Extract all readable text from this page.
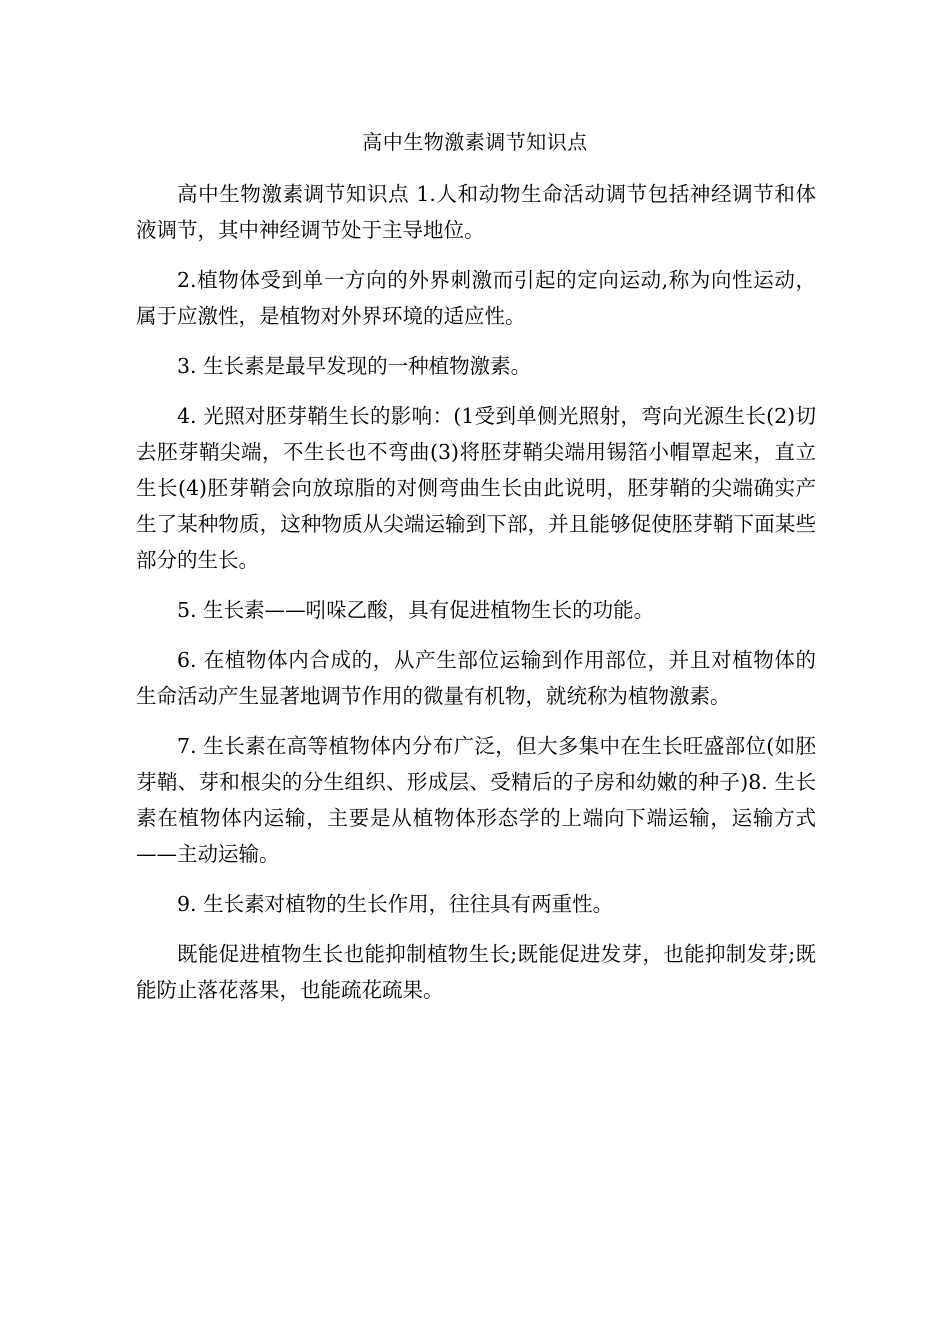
高中生物激素调节知识点

高中生物激素调节知识点 1.人和动物生命活动调节包括神经调节和体液调节，其中神经调节处于主导地位。

2.植物体受到单一方向的外界刺激而引起的定向运动,称为向性运动，属于应激性，是植物对外界环境的适应性。

3. 生长素是最早发现的一种植物激素。

4. 光照对胚芽鞘生长的影响：(1受到单侧光照射，弯向光源生长(2)切去胚芽鞘尖端，不生长也不弯曲(3)将胚芽鞘尖端用锡箔小帽罩起来，直立生长(4)胚芽鞘会向放琼脂的对侧弯曲生长由此说明，胚芽鞘的尖端确实产生了某种物质，这种物质从尖端运输到下部，并且能够促使胚芽鞘下面某些部分的生长。

5. 生长素——吲哚乙酸，具有促进植物生长的功能。

6. 在植物体内合成的，从产生部位运输到作用部位，并且对植物体的生命活动产生显著地调节作用的微量有机物，就统称为植物激素。

7. 生长素在高等植物体内分布广泛，但大多集中在生长旺盛部位(如胚芽鞘、芽和根尖的分生组织、形成层、受精后的子房和幼嫩的种子)8. 生长素在植物体内运输，主要是从植物体形态学的上端向下端运输，运输方式——主动运输。

9. 生长素对植物的生长作用，往往具有两重性。

既能促进植物生长也能抑制植物生长;既能促进发芽，也能抑制发芽;既能防止落花落果，也能疏花疏果。
